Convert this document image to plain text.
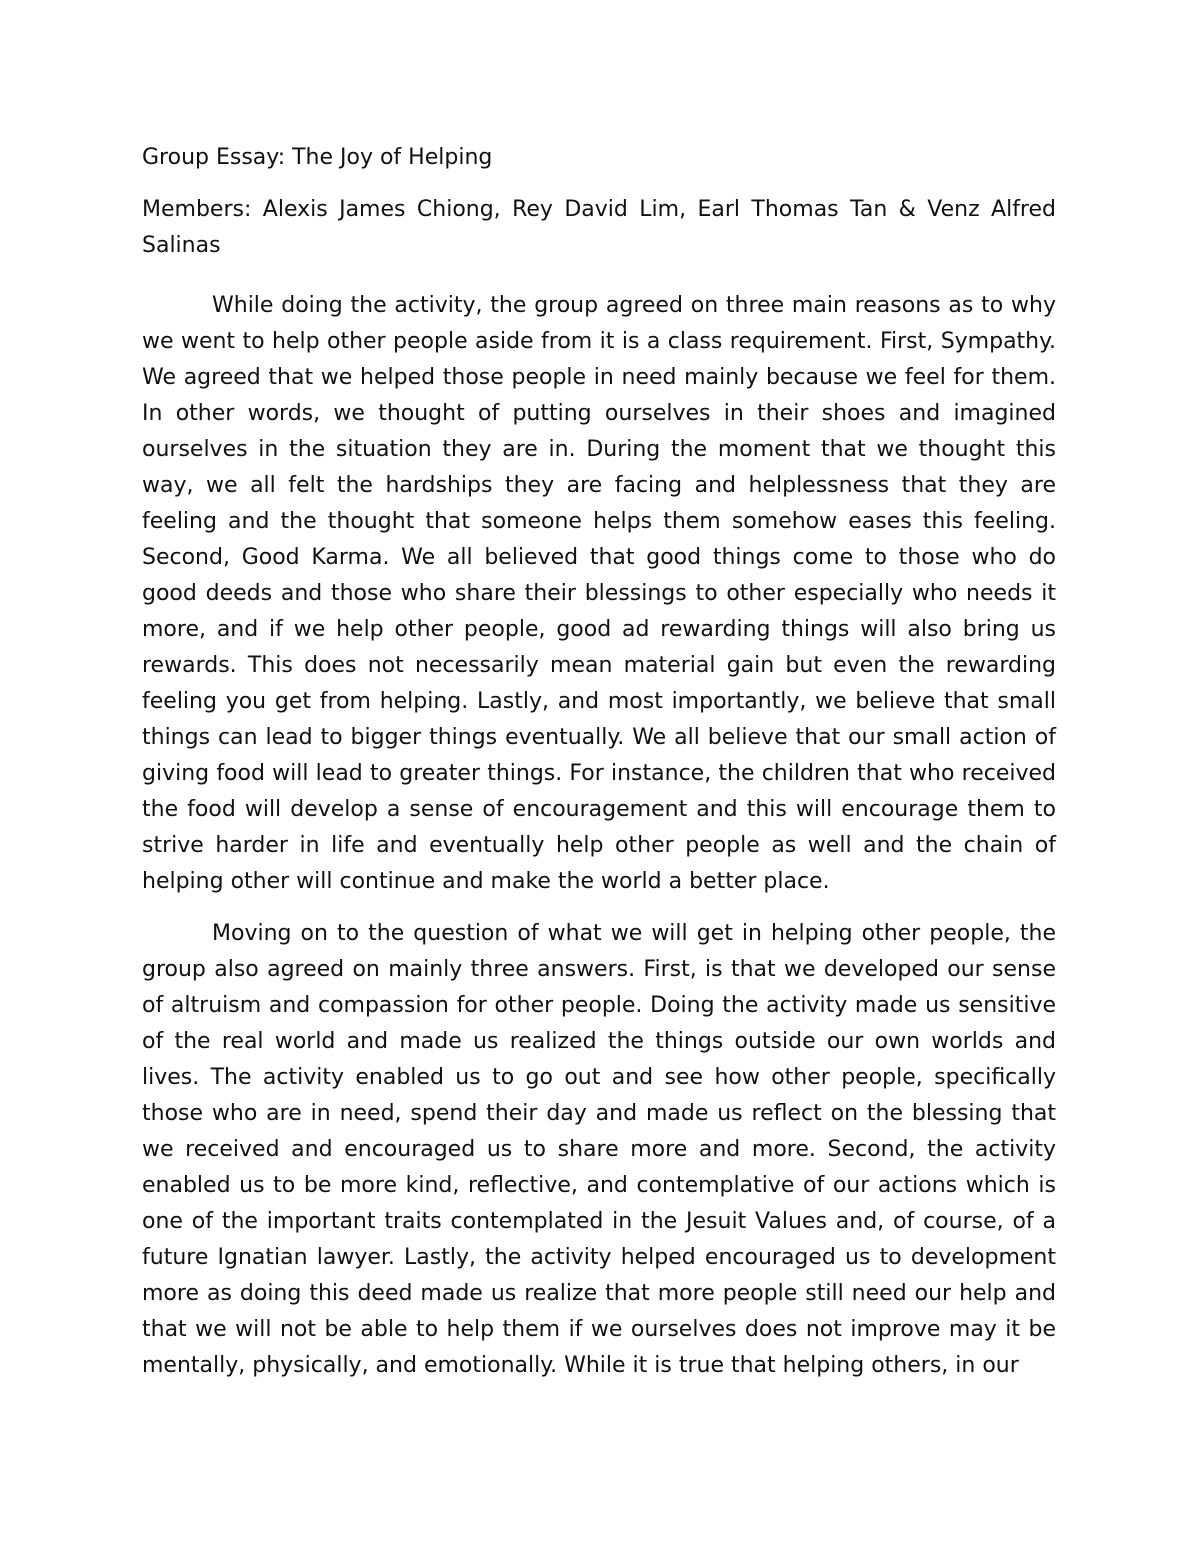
Group Essay: The Joy of Helping

Members: Alexis James Chiong, Rey David Lim, Earl Thomas Tan & Venz Alfred Salinas

While doing the activity, the group agreed on three main reasons as to why we went to help other people aside from it is a class requirement. First, Sympathy. We agreed that we helped those people in need mainly because we feel for them. In other words, we thought of putting ourselves in their shoes and imagined ourselves in the situation they are in. During the moment that we thought this way, we all felt the hardships they are facing and helplessness that they are feeling and the thought that someone helps them somehow eases this feeling. Second, Good Karma. We all believed that good things come to those who do good deeds and those who share their blessings to other especially who needs it more, and if we help other people, good ad rewarding things will also bring us rewards. This does not necessarily mean material gain but even the rewarding feeling you get from helping. Lastly, and most importantly, we believe that small things can lead to bigger things eventually. We all believe that our small action of giving food will lead to greater things. For instance, the children that who received the food will develop a sense of encouragement and this will encourage them to strive harder in life and eventually help other people as well and the chain of helping other will continue and make the world a better place.

Moving on to the question of what we will get in helping other people, the group also agreed on mainly three answers. First, is that we developed our sense of altruism and compassion for other people. Doing the activity made us sensitive of the real world and made us realized the things outside our own worlds and lives. The activity enabled us to go out and see how other people, specifically those who are in need, spend their day and made us reflect on the blessing that we received and encouraged us to share more and more. Second, the activity enabled us to be more kind, reflective, and contemplative of our actions which is one of the important traits contemplated in the Jesuit Values and, of course, of a future Ignatian lawyer. Lastly, the activity helped encouraged us to development more as doing this deed made us realize that more people still need our help and that we will not be able to help them if we ourselves does not improve may it be mentally, physically, and emotionally. While it is true that helping others, in our
